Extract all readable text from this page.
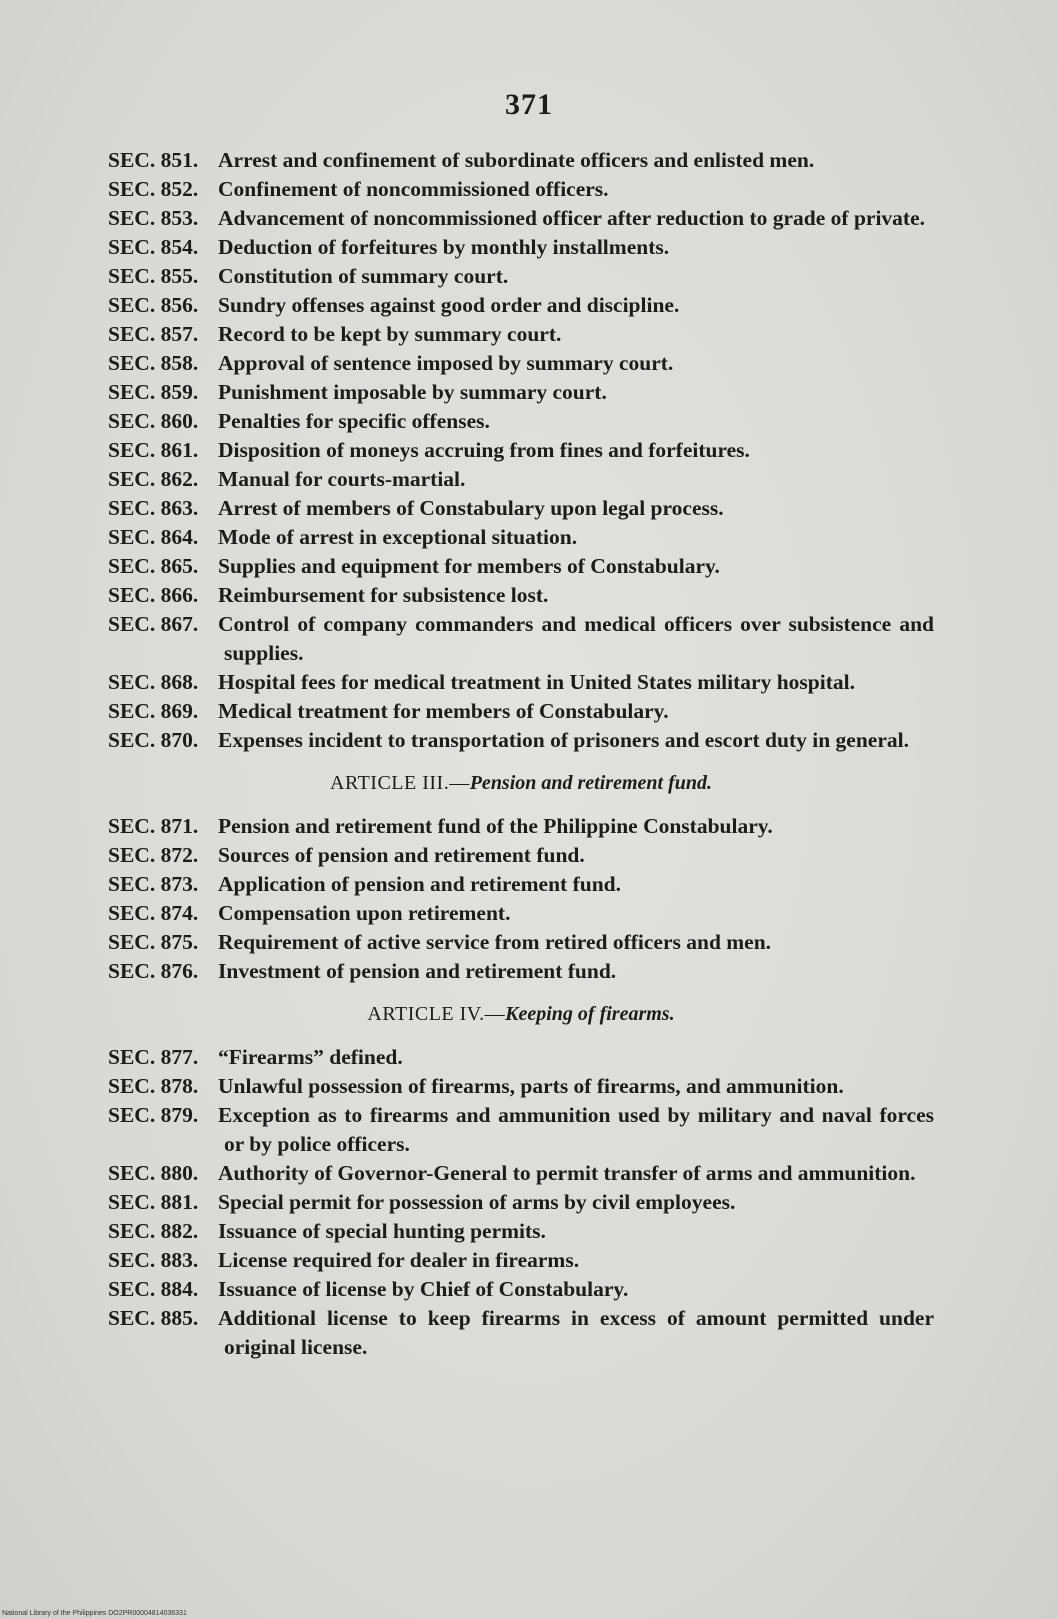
371
SEC. 851. Arrest and confinement of subordinate officers and enlisted men.
SEC. 852. Confinement of noncommissioned officers.
SEC. 853. Advancement of noncommissioned officer after reduction to grade of private.
SEC. 854. Deduction of forfeitures by monthly installments.
SEC. 855. Constitution of summary court.
SEC. 856. Sundry offenses against good order and discipline.
SEC. 857. Record to be kept by summary court.
SEC. 858. Approval of sentence imposed by summary court.
SEC. 859. Punishment imposable by summary court.
SEC. 860. Penalties for specific offenses.
SEC. 861. Disposition of moneys accruing from fines and forfeitures.
SEC. 862. Manual for courts-martial.
SEC. 863. Arrest of members of Constabulary upon legal process.
SEC. 864. Mode of arrest in exceptional situation.
SEC. 865. Supplies and equipment for members of Constabulary.
SEC. 866. Reimbursement for subsistence lost.
SEC. 867. Control of company commanders and medical officers over subsistence and supplies.
SEC. 868. Hospital fees for medical treatment in United States military hospital.
SEC. 869. Medical treatment for members of Constabulary.
SEC. 870. Expenses incident to transportation of prisoners and escort duty in general.
ARTICLE III.—Pension and retirement fund.
SEC. 871. Pension and retirement fund of the Philippine Constabulary.
SEC. 872. Sources of pension and retirement fund.
SEC. 873. Application of pension and retirement fund.
SEC. 874. Compensation upon retirement.
SEC. 875. Requirement of active service from retired officers and men.
SEC. 876. Investment of pension and retirement fund.
ARTICLE IV.—Keeping of firearms.
SEC. 877. “Firearms” defined.
SEC. 878. Unlawful possession of firearms, parts of firearms, and ammunition.
SEC. 879. Exception as to firearms and ammunition used by military and naval forces or by police officers.
SEC. 880. Authority of Governor-General to permit transfer of arms and ammunition.
SEC. 881. Special permit for possession of arms by civil employees.
SEC. 882. Issuance of special hunting permits.
SEC. 883. License required for dealer in firearms.
SEC. 884. Issuance of license by Chief of Constabulary.
SEC. 885. Additional license to keep firearms in excess of amount permitted under original license.
National Library of the Philippines DO2PR00004814036331
